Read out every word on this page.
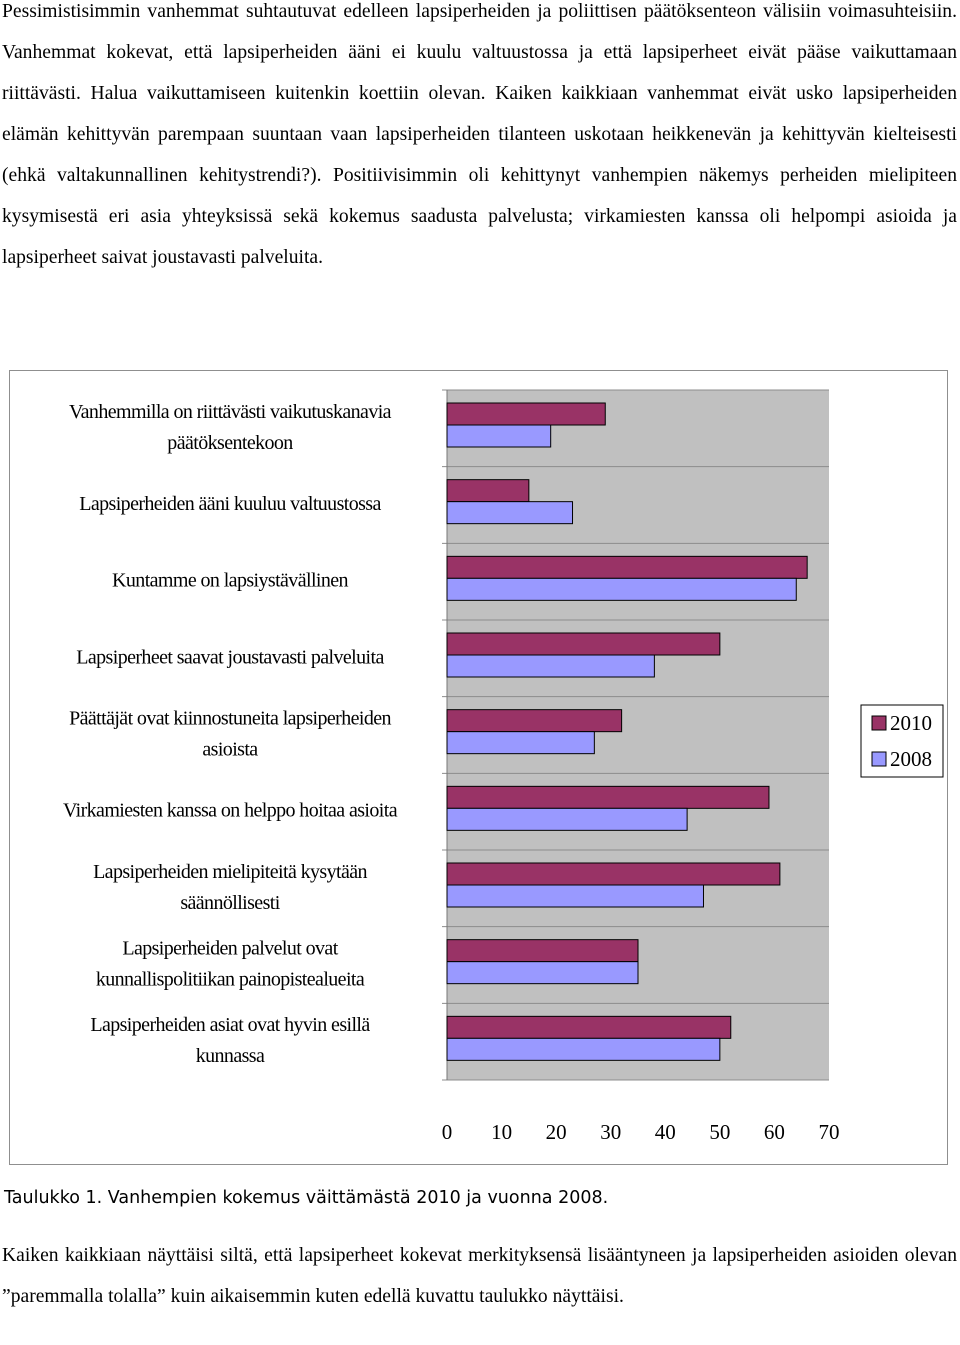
Pessimistisimmin vanhemmat suhtautuvat edelleen lapsiperheiden ja poliittisen päätöksenteon välisiin voimasuhteisiin. Vanhemmat kokevat, että lapsiperheiden ääni ei kuulu valtuustossa ja että lapsiperheet eivät pääse vaikuttamaan riittävästi. Halua vaikuttamiseen kuitenkin koettiin olevan. Kaiken kaikkiaan vanhemmat eivät usko lapsiperheiden elämän kehittyvän parempaan suuntaan vaan lapsiperheiden tilanteen uskotaan heikkenevän ja kehittyvän kielteisesti (ehkä valtakunnallinen kehitystrendi?). Positiivisimmin oli kehittynyt vanhempien näkemys perheiden mielipiteen kysymisestä eri asia yhteyksissä sekä kokemus saadusta palvelusta; virkamiesten kanssa oli helpompi asioida ja lapsiperheet saivat joustavasti palveluita.

Vanhemmilla on riittävästi vaikutuskanavia
päätöksentekoon
Lapsiperheiden ääni kuuluu valtuustossa
Kuntamme on lapsiystävällinen
Lapsiperheet saavat joustavasti palveluita
Päättäjät ovat kiinnostuneita lapsiperheiden
asioista
Virkamiesten kanssa on helppo hoitaa asioita
Lapsiperheiden mielipiteitä kysytään
säännöllisesti
Lapsiperheiden palvelut ovat
kunnallispolitiikan painopistealueita
Lapsiperheiden asiat ovat hyvin esillä
kunnassa
0 10 20 30 40 50 60 70
2010
2008
Taulukko 1. Vanhempien kokemus väittämästä 2010 ja vuonna 2008.

Kaiken kaikkiaan näyttäisi siltä, että lapsiperheet kokevat merkityksensä lisääntyneen ja lapsiperheiden asioiden olevan ”paremmalla tolalla” kuin aikaisemmin kuten edellä kuvattu taulukko näyttäisi.
